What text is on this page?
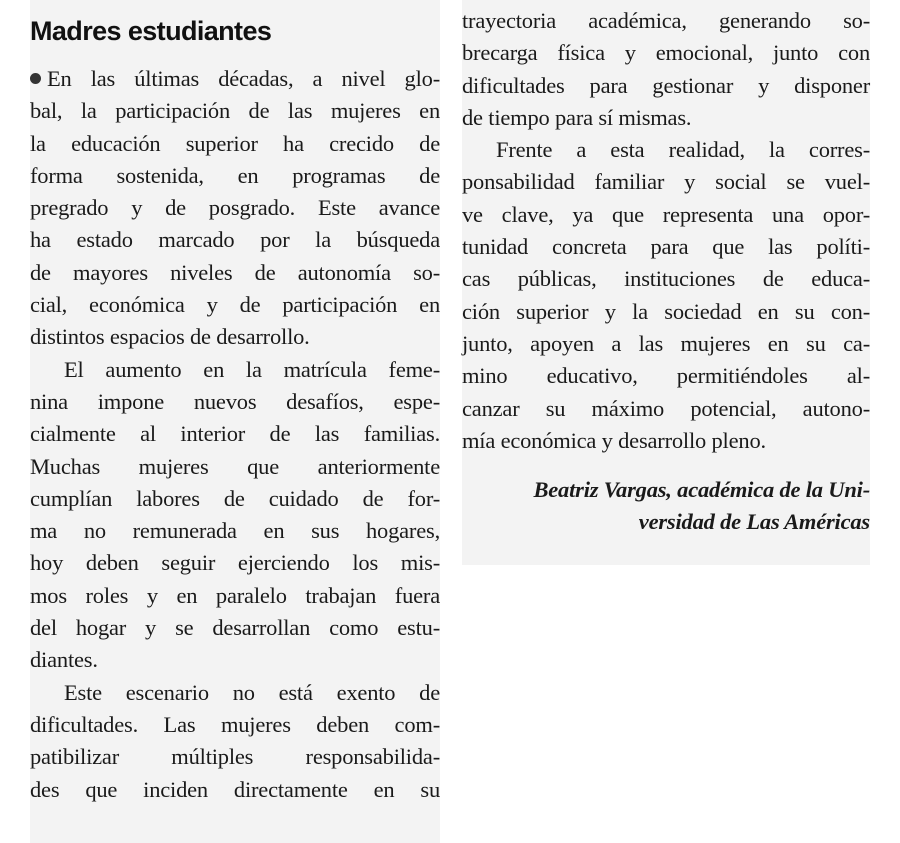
Madres estudiantes
En las últimas décadas, a nivel glo-
bal, la participación de las mujeres en
la educación superior ha crecido de
forma sostenida, en programas de
pregrado y de posgrado. Este avance
ha estado marcado por la búsqueda
de mayores niveles de autonomía so-
cial, económica y de participación en
distintos espacios de desarrollo.
El aumento en la matrícula feme-
nina impone nuevos desafíos, espe-
cialmente al interior de las familias.
Muchas mujeres que anteriormente
cumplían labores de cuidado de for-
ma no remunerada en sus hogares,
hoy deben seguir ejerciendo los mis-
mos roles y en paralelo trabajan fuera
del hogar y se desarrollan como estu-
diantes.
Este escenario no está exento de
dificultades. Las mujeres deben com-
patibilizar múltiples responsabilida-
des que inciden directamente en su
trayectoria académica, generando so-
brecarga física y emocional, junto con
dificultades para gestionar y disponer
de tiempo para sí mismas.
Frente a esta realidad, la corres-
ponsabilidad familiar y social se vuel-
ve clave, ya que representa una opor-
tunidad concreta para que las políti-
cas públicas, instituciones de educa-
ción superior y la sociedad en su con-
junto, apoyen a las mujeres en su ca-
mino educativo, permitiéndoles al-
canzar su máximo potencial, autono-
mía económica y desarrollo pleno.
Beatriz Vargas, académica de la Uni-
versidad de Las Américas
